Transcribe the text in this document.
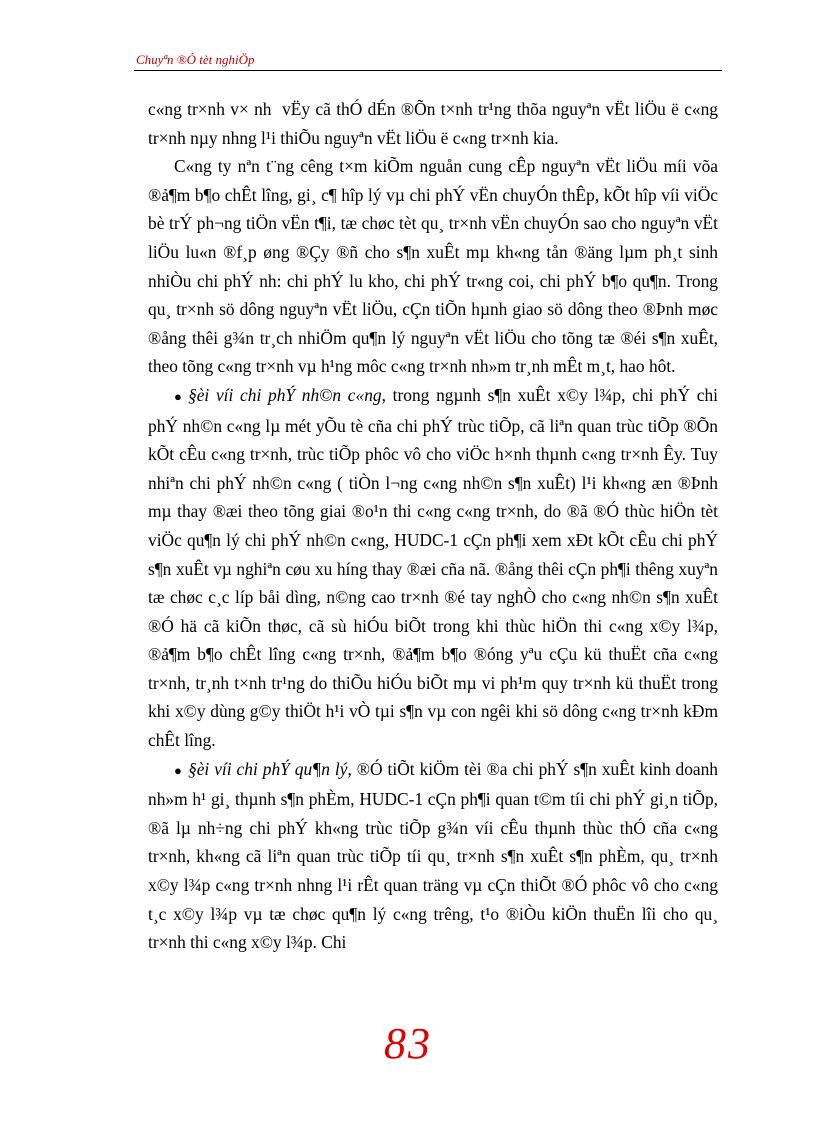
Chuyªn ®Ò tèt nghiÖp

c«ng tr×nh v× nh  vËy cã thÓ dÉn ®Õn t×nh tr¹ng thõa nguyªn vËt liÖu ë c«ng tr×nh nµy nhng l¹i thiÕu nguyªn vËt liÖu ë c«ng tr×nh kia.

C«ng ty nªn t¨ng cêng t×m kiÕm nguån cung cÊp nguyªn vËt liÖu míi võa ®ả¶m b¶o chÊt lîng, gi¸ c¶ hîp lý vµ chi phÝ vËn chuyÓn thÊp, kÕt hîp víi viÖc bè trÝ ph¬ng tiÖn vËn t¶i, tæ chøc tèt qu¸ tr×nh vËn chuyÓn sao cho nguyªn vËt liÖu lu«n ®f¸p øng ®Çy ®ñ cho s¶n xuÊt mµ kh«ng tån ®äng lµm ph¸t sinh nhiÒu chi phÝ nh: chi phÝ lu kho, chi phÝ tr«ng coi, chi phÝ b¶o qu¶n. Trong qu¸ tr×nh sö dông nguyªn vËt liÖu, cÇn tiÕn hµnh giao sö dông theo ®Þnh møc ®ång thêi g¾n tr¸ch nhiÖm qu¶n lý nguyªn vËt liÖu cho tõng tæ ®éi s¶n xuÊt, theo tõng c«ng tr×nh vµ h¹ng môc c«ng tr×nh nh»m tr¸nh mÊt m¸t, hao hôt.

● §èi víi chi phÝ nh©n c«ng, trong ngµnh s¶n xuÊt x©y l¾p, chi phÝ chi phÝ nh©n c«ng lµ mét yÕu tè cña chi phÝ trùc tiÕp, cã liªn quan trùc tiÕp ®Õn kÕt cÊu c«ng tr×nh, trùc tiÕp phôc vô cho viÖc h×nh thµnh c«ng tr×nh Êy. Tuy nhiªn chi phÝ nh©n c«ng ( tiÒn l¬ng c«ng nh©n s¶n xuÊt) l¹i kh«ng æn ®Þnh mµ thay ®æi theo tõng giai ®o¹n thi c«ng c«ng tr×nh, do ®ã ®Ó thùc hiÖn tèt viÖc qu¶n lý chi phÝ nh©n c«ng, HUDC-1 cÇn ph¶i xem xÐt kÕt cÊu chi phÝ s¶n xuÊt vµ nghiªn cøu xu híng thay ®æi cña nã. ®ång thêi cÇn ph¶i thêng xuyªn tæ chøc c¸c líp båi dìng, n©ng cao tr×nh ®é tay nghÒ cho c«ng nh©n s¶n xuÊt ®Ó hä cã kiÕn thøc, cã sù hiÓu biÕt trong khi thùc hiÖn thi c«ng x©y l¾p, ®ả¶m b¶o chÊt lîng c«ng tr×nh, ®ả¶m b¶o ®óng yªu cÇu kü thuËt cña c«ng tr×nh, tr¸nh t×nh tr¹ng do thiÕu hiÓu biÕt mµ vi ph¹m quy tr×nh kü thuËt trong khi x©y dùng g©y thiÖt h¹i vÒ tµi s¶n vµ con ngêi khi sö dông c«ng tr×nh kÐm chÊt lîng.

● §èi víi chi phÝ qu¶n lý, ®Ó tiÕt kiÖm tèi ®a chi phÝ s¶n xuÊt kinh doanh nh»m h¹ gi¸ thµnh s¶n phÈm, HUDC-1 cÇn ph¶i quan t©m tíi chi phÝ gi¸n tiÕp, ®ã lµ nh÷ng chi phÝ kh«ng trùc tiÕp g¾n víi cÊu thµnh thùc thÓ cña c«ng tr×nh, kh«ng cã liªn quan trùc tiÕp tíi qu¸ tr×nh s¶n xuÊt s¶n phÈm, qu¸ tr×nh x©y l¾p c«ng tr×nh nhng l¹i rÊt quan träng vµ cÇn thiÕt ®Ó phôc vô cho c«ng t¸c x©y l¾p vµ tæ chøc qu¶n lý c«ng trêng, t¹o ®iÒu kiÖn thuËn lîi cho qu¸ tr×nh thi c«ng x©y l¾p. Chi

83
